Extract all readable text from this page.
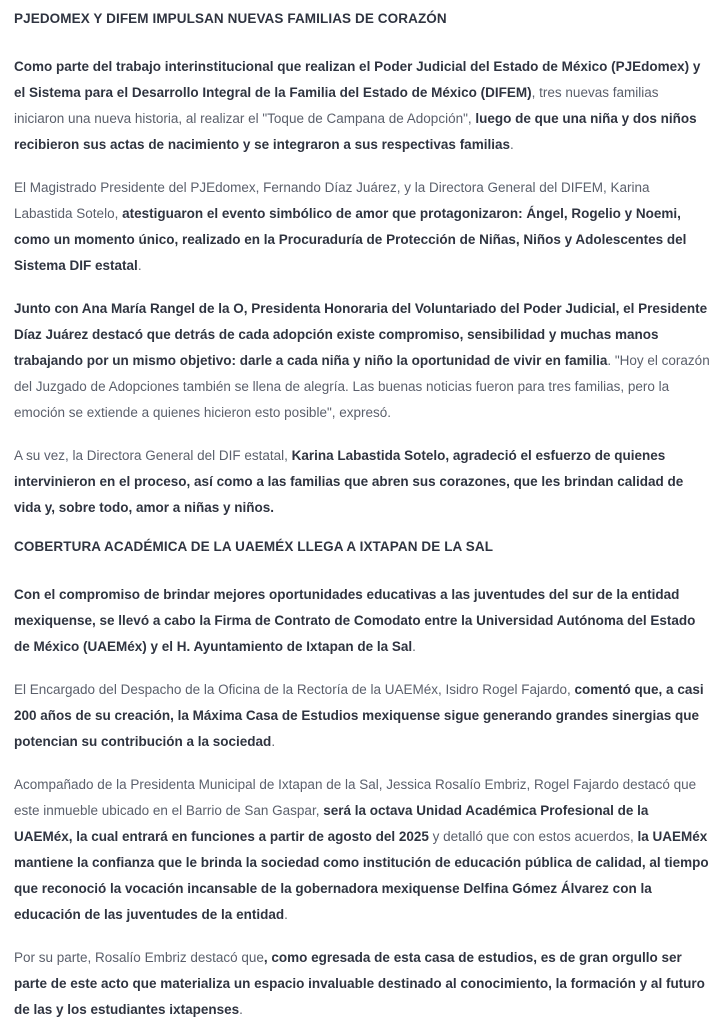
PJEDOMEX Y DIFEM IMPULSAN NUEVAS FAMILIAS DE CORAZÓN

Como parte del trabajo interinstitucional que realizan el Poder Judicial del Estado de México (PJEdomex) y el Sistema para el Desarrollo Integral de la Familia del Estado de México (DIFEM), tres nuevas familias iniciaron una nueva historia, al realizar el "Toque de Campana de Adopción", luego de que una niña y dos niños recibieron sus actas de nacimiento y se integraron a sus respectivas familias.

El Magistrado Presidente del PJEdomex, Fernando Díaz Juárez, y la Directora General del DIFEM, Karina Labastida Sotelo, atestiguaron el evento simbólico de amor que protagonizaron: Ángel, Rogelio y Noemi, como un momento único, realizado en la Procuraduría de Protección de Niñas, Niños y Adolescentes del Sistema DIF estatal.

Junto con Ana María Rangel de la O, Presidenta Honoraria del Voluntariado del Poder Judicial, el Presidente Díaz Juárez destacó que detrás de cada adopción existe compromiso, sensibilidad y muchas manos trabajando por un mismo objetivo: darle a cada niña y niño la oportunidad de vivir en familia. "Hoy el corazón del Juzgado de Adopciones también se llena de alegría. Las buenas noticias fueron para tres familias, pero la emoción se extiende a quienes hicieron esto posible", expresó.

A su vez, la Directora General del DIF estatal, Karina Labastida Sotelo, agradeció el esfuerzo de quienes intervinieron en el proceso, así como a las familias que abren sus corazones, que les brindan calidad de vida y, sobre todo, amor a niñas y niños.

COBERTURA ACADÉMICA DE LA UAEMÉX LLEGA A IXTAPAN DE LA SAL

Con el compromiso de brindar mejores oportunidades educativas a las juventudes del sur de la entidad mexiquense, se llevó a cabo la Firma de Contrato de Comodato entre la Universidad Autónoma del Estado de México (UAEMéx) y el H. Ayuntamiento de Ixtapan de la Sal.

El Encargado del Despacho de la Oficina de la Rectoría de la UAEMéx, Isidro Rogel Fajardo, comentó que, a casi 200 años de su creación, la Máxima Casa de Estudios mexiquense sigue generando grandes sinergias que potencian su contribución a la sociedad.

Acompañado de la Presidenta Municipal de Ixtapan de la Sal, Jessica Rosalío Embriz, Rogel Fajardo destacó que este inmueble ubicado en el Barrio de San Gaspar, será la octava Unidad Académica Profesional de la UAEMéx, la cual entrará en funciones a partir de agosto del 2025 y detalló que con estos acuerdos, la UAEMéx mantiene la confianza que le brinda la sociedad como institución de educación pública de calidad, al tiempo que reconoció la vocación incansable de la gobernadora mexiquense Delfina Gómez Álvarez con la educación de las juventudes de la entidad.

Por su parte, Rosalío Embriz destacó que, como egresada de esta casa de estudios, es de gran orgullo ser parte de este acto que materializa un espacio invaluable destinado al conocimiento, la formación y al futuro de las y los estudiantes ixtapenses.
